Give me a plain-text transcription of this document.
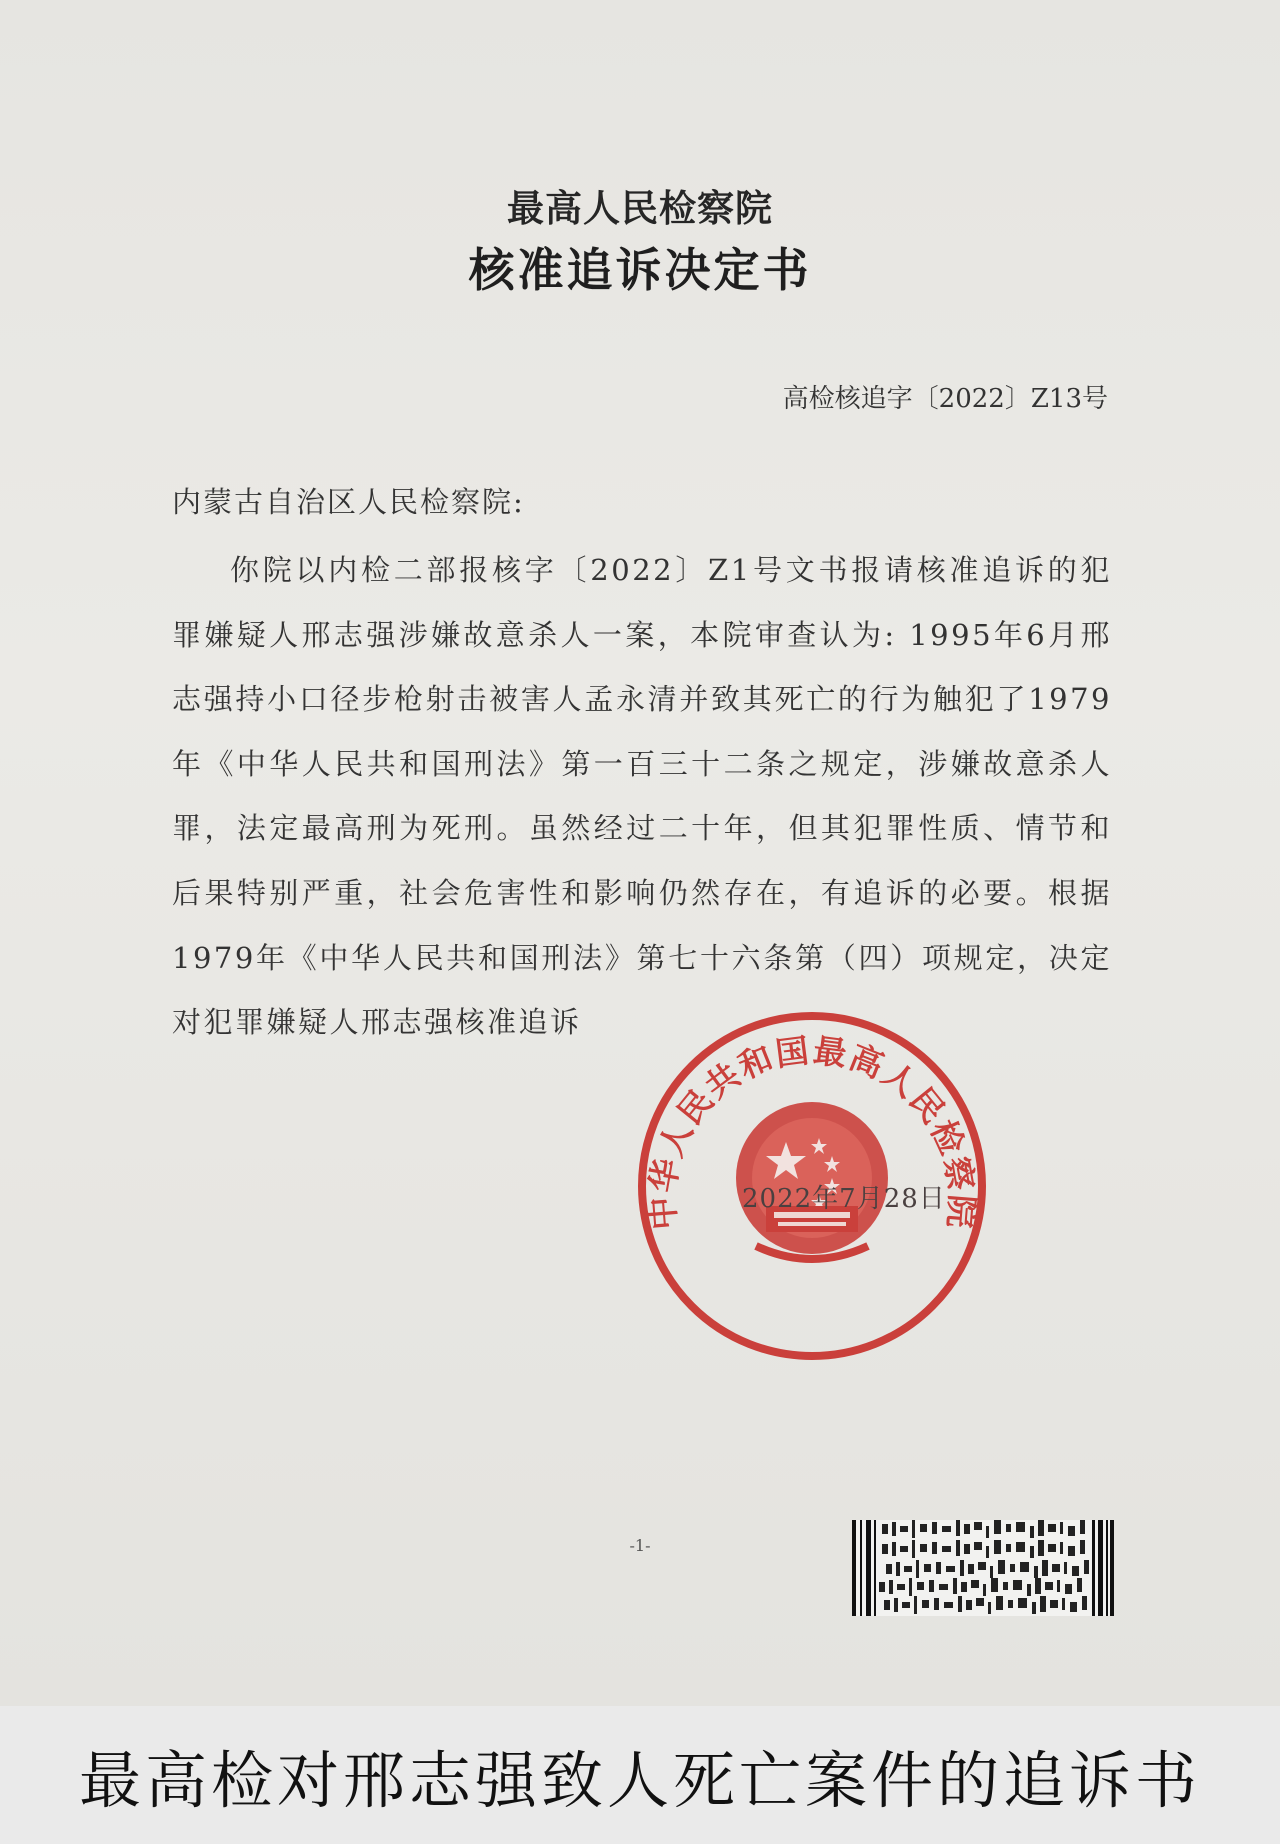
最高人民检察院
核准追诉决定书
高检核追字〔2022〕Z13号
内蒙古自治区人民检察院:
你院以内检二部报核字〔2022〕Z1号文书报请核准追诉的犯罪嫌疑人邢志强涉嫌故意杀人一案，本院审查认为: 1995年6月邢志强持小口径步枪射击被害人孟永清并致其死亡的行为触犯了1979年《中华人民共和国刑法》第一百三十二条之规定，涉嫌故意杀人罪，法定最高刑为死刑。虽然经过二十年，但其犯罪性质、情节和后果特别严重，社会危害性和影响仍然存在，有追诉的必要。根据1979年《中华人民共和国刑法》第七十六条第（四）项规定，决定对犯罪嫌疑人邢志强核准追诉
中华人民共和国最高人民检察院
2022年7月28日
-1-
最高检对邢志强致人死亡案件的追诉书
